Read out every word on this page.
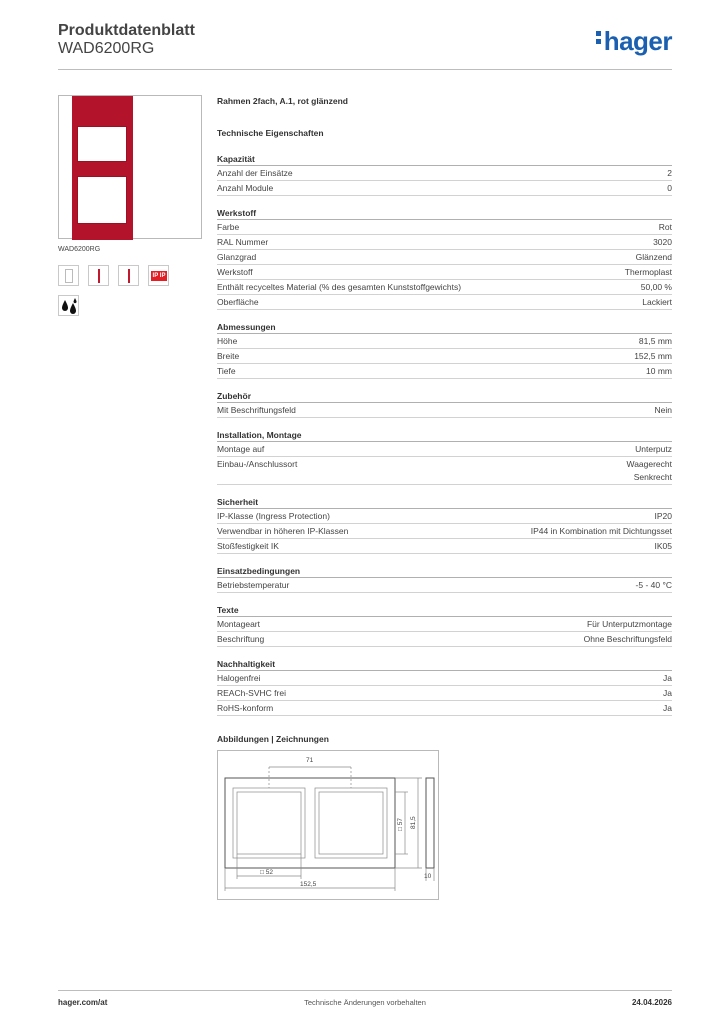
Produktdatenblatt
WAD6200RG	hager
WAD6200RG
IP IP
Rahmen 2fach, A.1, rot glänzend
Technische Eigenschaften
Kapazität
Anzahl der Einsätze	2
Anzahl Module	0
Werkstoff
Farbe	Rot
RAL Nummer	3020
Glanzgrad	Glänzend
Werkstoff	Thermoplast
Enthält recyceltes Material (% des gesamten Kunststoffgewichts)	50,00 %
Oberfläche	Lackiert
Abmessungen
Höhe	81,5 mm
Breite	152,5 mm
Tiefe	10 mm
Zubehör
Mit Beschriftungsfeld	Nein
Installation, Montage
Montage auf	Unterputz
Einbau-/Anschlussort	Waagerecht
Senkrecht
Sicherheit
IP-Klasse (Ingress Protection)	IP20
Verwendbar in höheren IP-Klassen	IP44 in Kombination mit Dichtungsset
Stoßfestigkeit IK	IK05
Einsatzbedingungen
Betriebstemperatur	-5 - 40 °C
Texte
Montageart	Für Unterputzmontage
Beschriftung	Ohne Beschriftungsfeld
Nachhaltigkeit
Halogenfrei	Ja
REACh-SVHC frei	Ja
RoHS-konform	Ja
Abbildungen | Zeichnungen
71
□ 57 81,5
□ 52
152,5
10
hager.com/at	Technische Änderungen vorbehalten	24.04.2026
